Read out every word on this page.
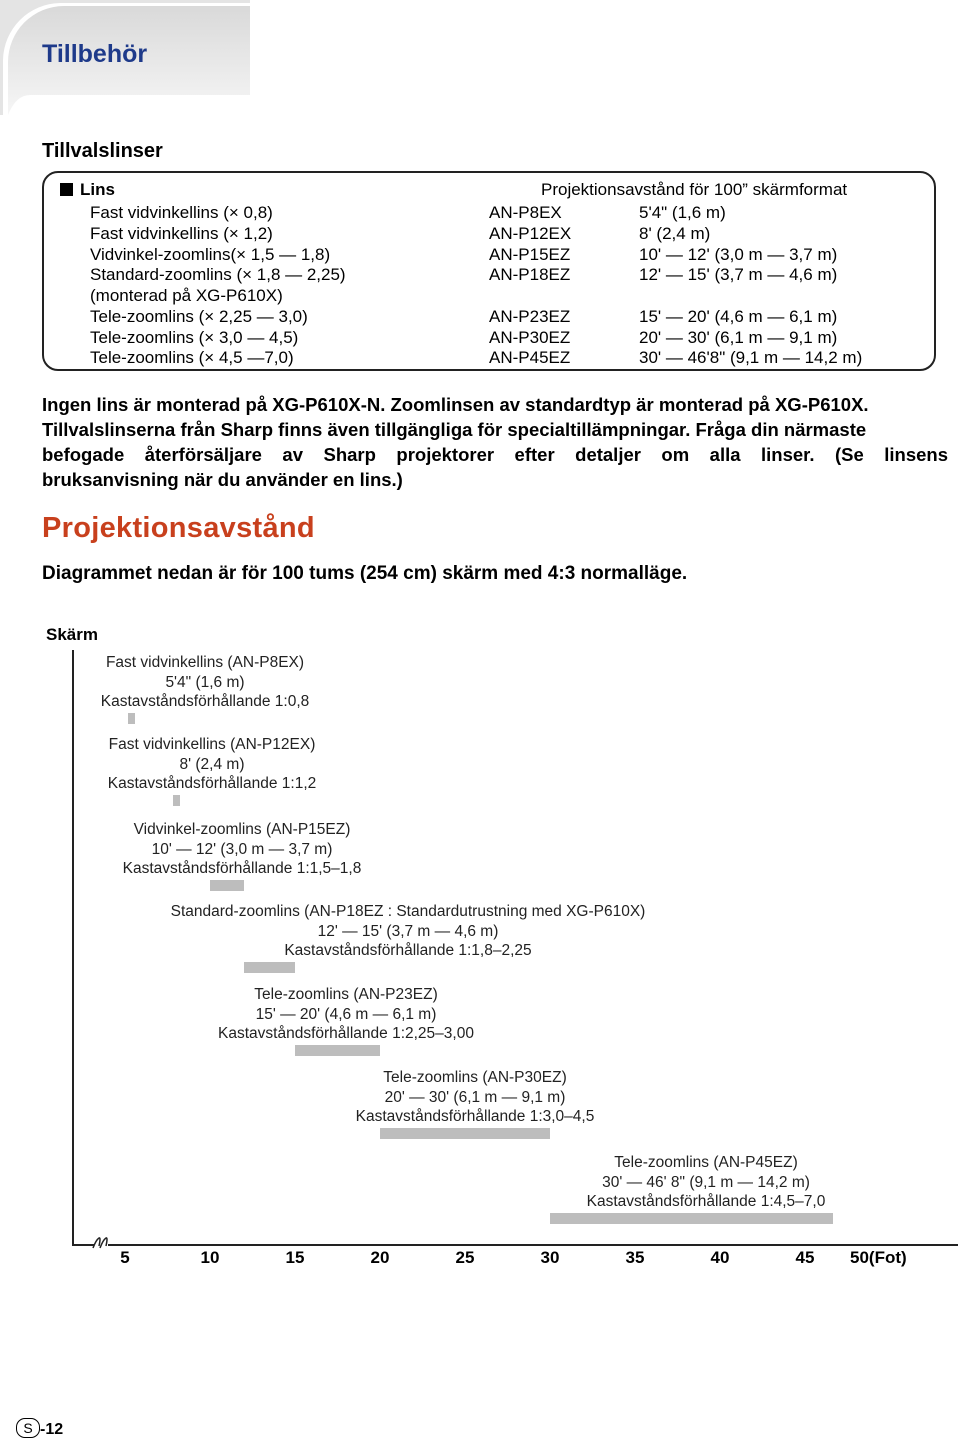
Tillbehör
Tillvalslinser
Lins	Projektionsavstånd för 100” skärmformat
Fast vidvinkellins (× 0,8)	AN-P8EX	5'4" (1,6 m)
Fast vidvinkellins (× 1,2)	AN-P12EX	8' (2,4 m)
Vidvinkel-zoomlins(× 1,5 — 1,8)	AN-P15EZ	10' — 12' (3,0 m — 3,7 m)
Standard-zoomlins (× 1,8 — 2,25)	AN-P18EZ	12' — 15' (3,7 m — 4,6 m)
(monterad på XG-P610X)
Tele-zoomlins (× 2,25 — 3,0)	AN-P23EZ	15' — 20' (4,6 m — 6,1 m)
Tele-zoomlins (× 3,0 — 4,5)	AN-P30EZ	20' — 30' (6,1 m — 9,1 m)
Tele-zoomlins (× 4,5 —7,0)	AN-P45EZ	30' — 46'8" (9,1 m — 14,2 m)

Ingen lins är monterad på XG-P610X-N. Zoomlinsen av standardtyp är monterad på XG-P610X.

Tillvalslinserna från Sharp finns även tillgängliga för specialtillämpningar. Fråga din närmaste

befogade återförsäljare av Sharp projektorer efter detaljer om alla linser. (Se linsens

bruksanvisning när du använder en lins.)

Projektionsavstånd
Diagrammet nedan är för 100 tums (254 cm) skärm med 4:3 normalläge.
Skärm
Fast vidvinkellins (AN-P8EX)
5'4" (1,6 m)
Kastavståndsförhållande 1:0,8
Fast vidvinkellins (AN-P12EX)
8' (2,4 m)
Kastavståndsförhållande 1:1,2
Vidvinkel-zoomlins (AN-P15EZ)
10' — 12' (3,0 m — 3,7 m)
Kastavståndsförhållande 1:1,5–1,8
Standard-zoomlins (AN-P18EZ : Standardutrustning med XG-P610X)
12' — 15' (3,7 m — 4,6 m)
Kastavståndsförhållande 1:1,8–2,25
Tele-zoomlins (AN-P23EZ)
15' — 20' (4,6 m — 6,1 m)
Kastavståndsförhållande 1:2,25–3,00
Tele-zoomlins (AN-P30EZ)
20' — 30' (6,1 m — 9,1 m)
Kastavståndsförhållande 1:3,0–4,5
Tele-zoomlins (AN-P45EZ)
30' — 46' 8" (9,1 m — 14,2 m)
Kastavståndsförhållande 1:4,5–7,0
5	10	15	20	25	30	35	40	45	50(Fot)
S -12
